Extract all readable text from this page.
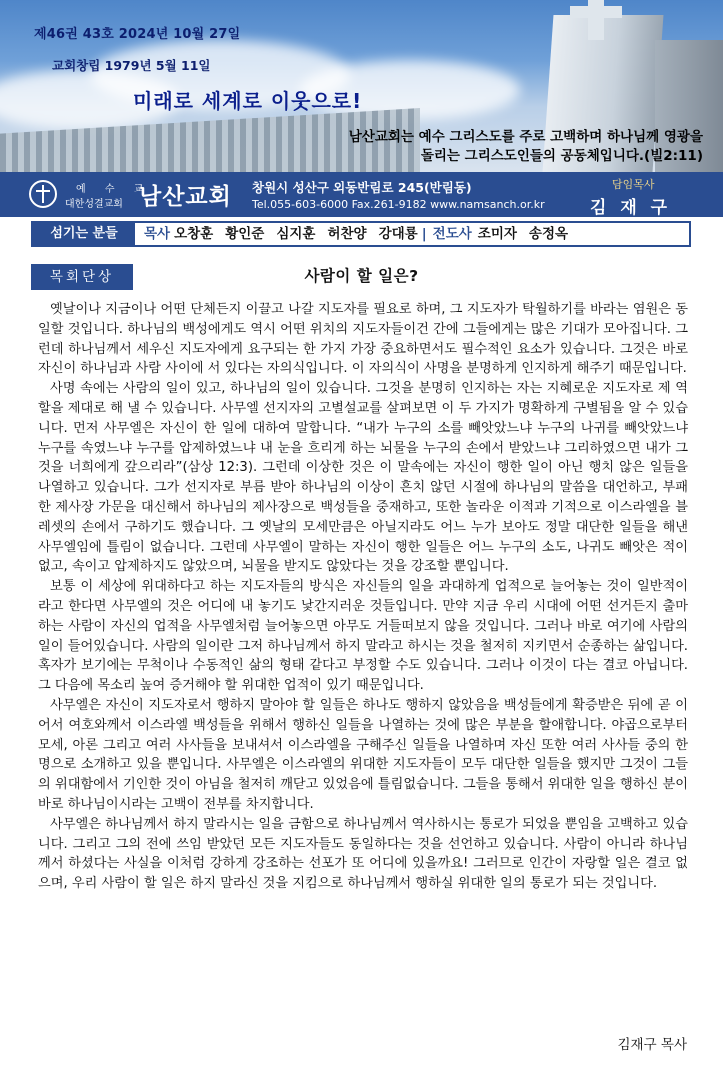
제46권 43호 2024년 10월 27일
교회창립 1979년 5월 11일
미래로 세계로 이웃으로!
남산교회는 예수 그리스도를 주로 고백하며 하나님께 영광을 돌리는 그리스도인들의 공동체입니다.(빌2:11)
예 수 교
대한성결교회 남산교회 창원시 성산구 외동반림로 245(반림동)
Tel.055-603-6000 Fax.261-9182 www.namsanch.or.kr
담임목사
김 재 구
섬기는 분들	목사 오창훈 황인준 심지훈 허찬양 강대룡 | 전도사 조미자 송정옥
목회단상	사람이 할 일은?

옛날이나 지금이나 어떤 단체든지 이끌고 나갈 지도자를 필요로 하며, 그 지도자가 탁월하기를 바라는 염원은 동일할 것입니다. 하나님의 백성에게도 역시 어떤 위치의 지도자들이건 간에 그들에게는 많은 기대가 모아집니다. 그런데 하나님께서 세우신 지도자에게 요구되는 한 가지 가장 중요하면서도 필수적인 요소가 있습니다. 그것은 바로 자신이 하나님과 사람 사이에 서 있다는 자의식입니다. 이 자의식이 사명을 분명하게 인지하게 해주기 때문입니다.

사명 속에는 사람의 일이 있고, 하나님의 일이 있습니다. 그것을 분명히 인지하는 자는 지혜로운 지도자로 제 역할을 제대로 해 낼 수 있습니다. 사무엘 선지자의 고별설교를 살펴보면 이 두 가지가 명확하게 구별됨을 알 수 있습니다. 먼저 사무엘은 자신이 한 일에 대하여 말합니다. “내가 누구의 소를 빼앗았느냐 누구의 나귀를 빼앗았느냐 누구를 속였느냐 누구를 압제하였느냐 내 눈을 흐리게 하는 뇌물을 누구의 손에서 받았느냐 그리하였으면 내가 그것을 너희에게 갚으리라”(삼상 12:3). 그런데 이상한 것은 이 말속에는 자신이 행한 일이 아닌 행치 않은 일들을 나열하고 있습니다. 그가 선지자로 부름 받아 하나님의 이상이 흔치 않던 시절에 하나님의 말씀을 대언하고, 부패한 제사장 가문을 대신해서 하나님의 제사장으로 백성들을 중재하고, 또한 놀라운 이적과 기적으로 이스라엘을 블레셋의 손에서 구하기도 했습니다. 그 옛날의 모세만큼은 아닐지라도 어느 누가 보아도 정말 대단한 일들을 해낸 사무엘임에 틀림이 없습니다. 그런데 사무엘이 말하는 자신이 행한 일들은 어느 누구의 소도, 나귀도 빼앗은 적이 없고, 속이고 압제하지도 않았으며, 뇌물을 받지도 않았다는 것을 강조할 뿐입니다.

보통 이 세상에 위대하다고 하는 지도자들의 방식은 자신들의 일을 과대하게 업적으로 늘어놓는 것이 일반적이라고 한다면 사무엘의 것은 어디에 내 놓기도 낯간지러운 것들입니다. 만약 지금 우리 시대에 어떤 선거든지 출마하는 사람이 자신의 업적을 사무엘처럼 늘어놓으면 아무도 거들떠보지 않을 것입니다. 그러나 바로 여기에 사람의 일이 들어있습니다. 사람의 일이란 그저 하나님께서 하지 말라고 하시는 것을 철저히 지키면서 순종하는 삶입니다. 혹자가 보기에는 무척이나 수동적인 삶의 형태 같다고 부정할 수도 있습니다. 그러나 이것이 다는 결코 아닙니다. 그 다음에 목소리 높여 증거해야 할 위대한 업적이 있기 때문입니다.

사무엘은 자신이 지도자로서 행하지 말아야 할 일들은 하나도 행하지 않았음을 백성들에게 확증받은 뒤에 곧 이어서 여호와께서 이스라엘 백성들을 위해서 행하신 일들을 나열하는 것에 많은 부분을 할애합니다. 야곱으로부터 모세, 아론 그리고 여러 사사들을 보내셔서 이스라엘을 구해주신 일들을 나열하며 자신 또한 여러 사사들 중의 한 명으로 소개하고 있을 뿐입니다. 사무엘은 이스라엘의 위대한 지도자들이 모두 대단한 일들을 했지만 그것이 그들의 위대함에서 기인한 것이 아님을 철저히 깨닫고 있었음에 틀림없습니다. 그들을 통해서 위대한 일을 행하신 분이 바로 하나님이시라는 고백이 전부를 차지합니다.

사무엘은 하나님께서 하지 말라시는 일을 금함으로 하나님께서 역사하시는 통로가 되었을 뿐임을 고백하고 있습니다. 그리고 그의 전에 쓰임 받았던 모든 지도자들도 동일하다는 것을 선언하고 있습니다. 사람이 아니라 하나님께서 하셨다는 사실을 이처럼 강하게 강조하는 선포가 또 어디에 있을까요! 그러므로 인간이 자랑할 일은 결코 없으며, 우리 사람이 할 일은 하지 말라신 것을 지킴으로 하나님께서 행하실 위대한 일의 통로가 되는 것입니다.

김재구 목사
